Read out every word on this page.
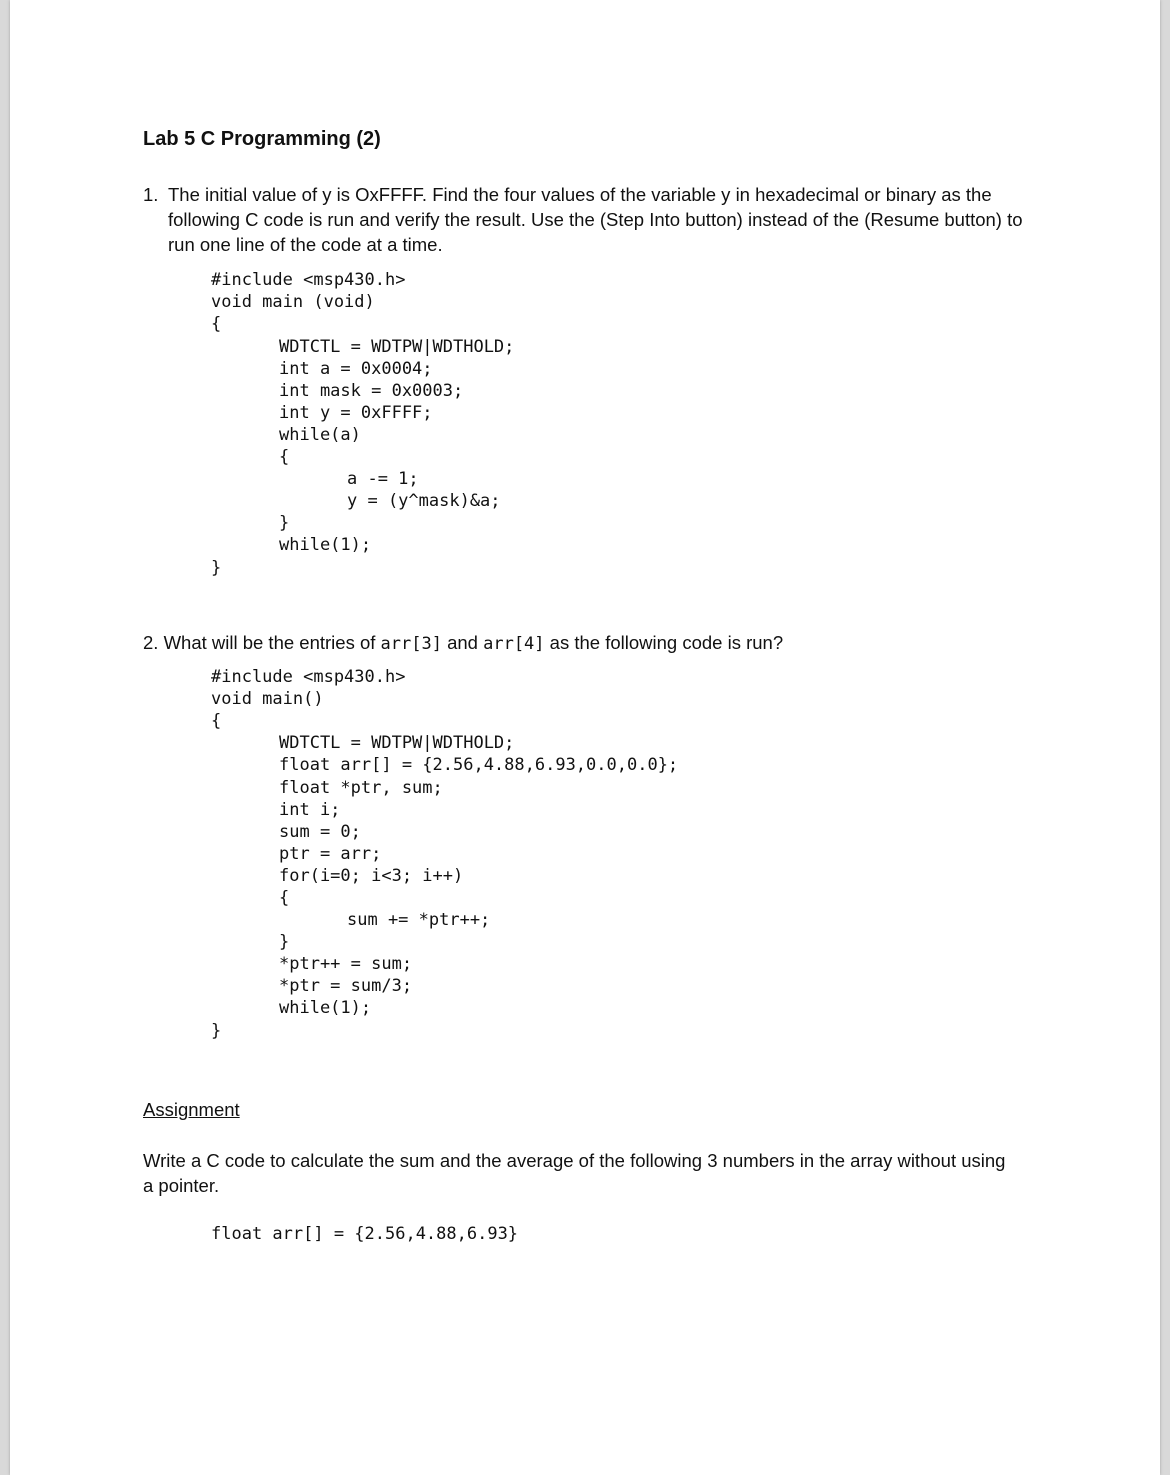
Lab 5 C Programming (2)
1. The initial value of y is OxFFFF. Find the four values of the variable y in hexadecimal or binary as the following C code is run and verify the result. Use the (Step Into button) instead of the (Resume button) to run one line of the code at a time.
#include <msp430.h>
void main (void)
{
WDTCTL = WDTPW|WDTHOLD;
int a = 0x0004;
int mask = 0x0003;
int y = 0xFFFF;
while(a)
{
a -= 1;
y = (y^mask)&a;
}
while(1);
}
2. What will be the entries of arr[3] and arr[4] as the following code is run?
#include <msp430.h>
void main()
{
WDTCTL = WDTPW|WDTHOLD;
float arr[] = {2.56,4.88,6.93,0.0,0.0};
float *ptr, sum;
int i;
sum = 0;
ptr = arr;
for(i=0; i<3; i++)
{
sum += *ptr++;
}
*ptr++ = sum;
*ptr = sum/3;
while(1);
}
Assignment
Write a C code to calculate the sum and the average of the following 3 numbers in the array without using a pointer.
float arr[] = {2.56,4.88,6.93}
